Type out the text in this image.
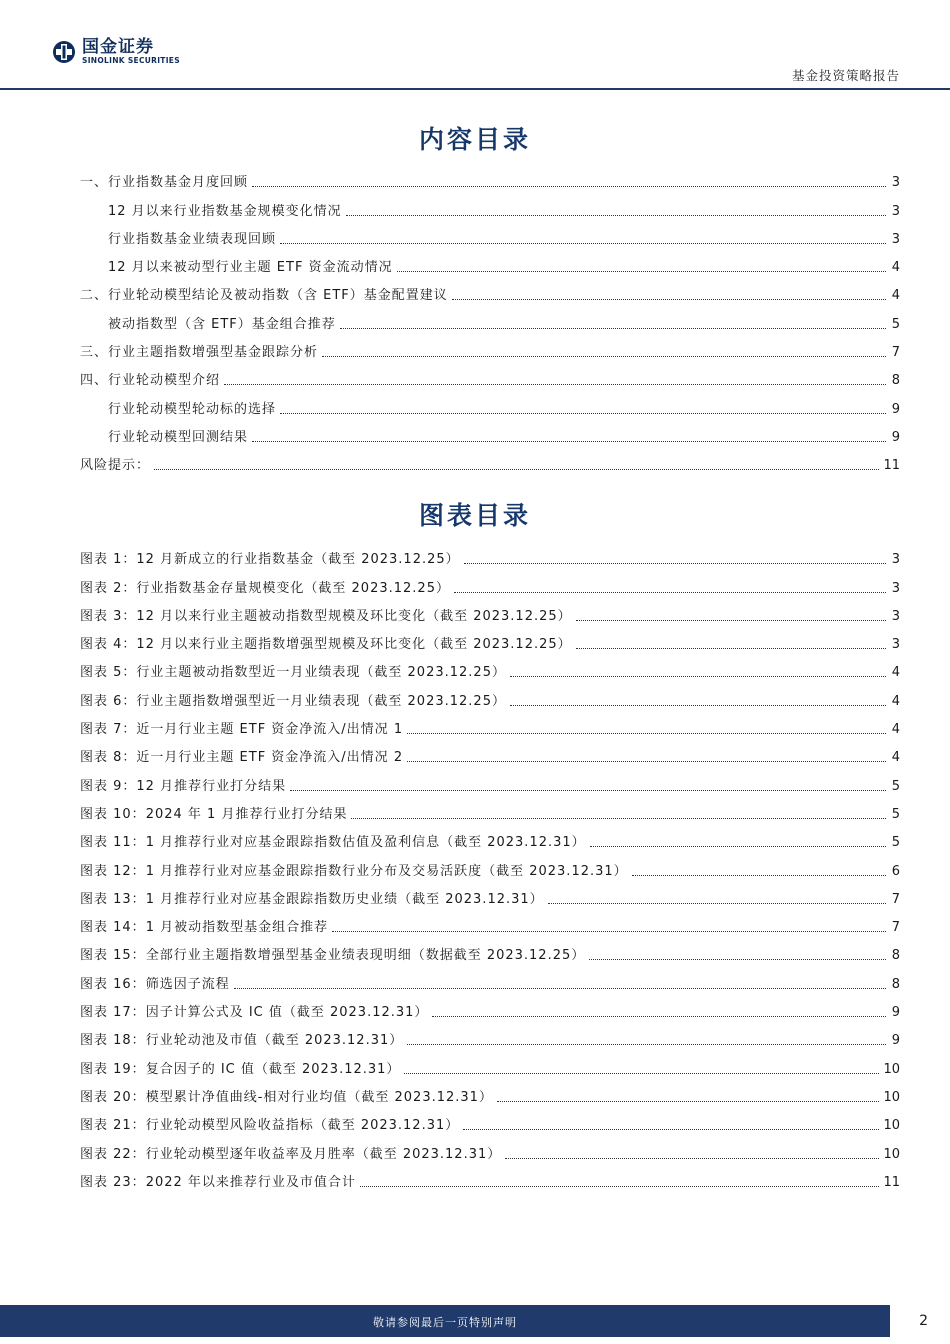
国金证券
SINOLINK SECURITIES
基金投资策略报告
内容目录
一、行业指数基金月度回顾	3
12 月以来行业指数基金规模变化情况	3
行业指数基金业绩表现回顾	3
12 月以来被动型行业主题 ETF 资金流动情况	4
二、行业轮动模型结论及被动指数（含 ETF）基金配置建议	4
被动指数型（含 ETF）基金组合推荐	5
三、行业主题指数增强型基金跟踪分析	7
四、行业轮动模型介绍	8
行业轮动模型轮动标的选择	9
行业轮动模型回测结果	9
风险提示：	11
图表目录
图表 1： 12 月新成立的行业指数基金（截至 2023.12.25）	3
图表 2： 行业指数基金存量规模变化（截至 2023.12.25）	3
图表 3： 12 月以来行业主题被动指数型规模及环比变化（截至 2023.12.25）	3
图表 4： 12 月以来行业主题指数增强型规模及环比变化（截至 2023.12.25）	3
图表 5： 行业主题被动指数型近一月业绩表现（截至 2023.12.25）	4
图表 6： 行业主题指数增强型近一月业绩表现（截至 2023.12.25）	4
图表 7： 近一月行业主题 ETF 资金净流入/出情况 1	4
图表 8： 近一月行业主题 ETF 资金净流入/出情况 2	4
图表 9： 12 月推荐行业打分结果	5
图表 10： 2024 年 1 月推荐行业打分结果	5
图表 11： 1 月推荐行业对应基金跟踪指数估值及盈利信息（截至 2023.12.31）	5
图表 12： 1 月推荐行业对应基金跟踪指数行业分布及交易活跃度（截至 2023.12.31）	6
图表 13： 1 月推荐行业对应基金跟踪指数历史业绩（截至 2023.12.31）	7
图表 14： 1 月被动指数型基金组合推荐	7
图表 15： 全部行业主题指数增强型基金业绩表现明细（数据截至 2023.12.25）	8
图表 16： 筛选因子流程	8
图表 17： 因子计算公式及 IC 值（截至 2023.12.31）	9
图表 18： 行业轮动池及市值（截至 2023.12.31）	9
图表 19： 复合因子的 IC 值（截至 2023.12.31）	10
图表 20： 模型累计净值曲线-相对行业均值（截至 2023.12.31）	10
图表 21： 行业轮动模型风险收益指标（截至 2023.12.31）	10
图表 22： 行业轮动模型逐年收益率及月胜率（截至 2023.12.31）	10
图表 23： 2022 年以来推荐行业及市值合计	11
敬请参阅最后一页特别声明	2
